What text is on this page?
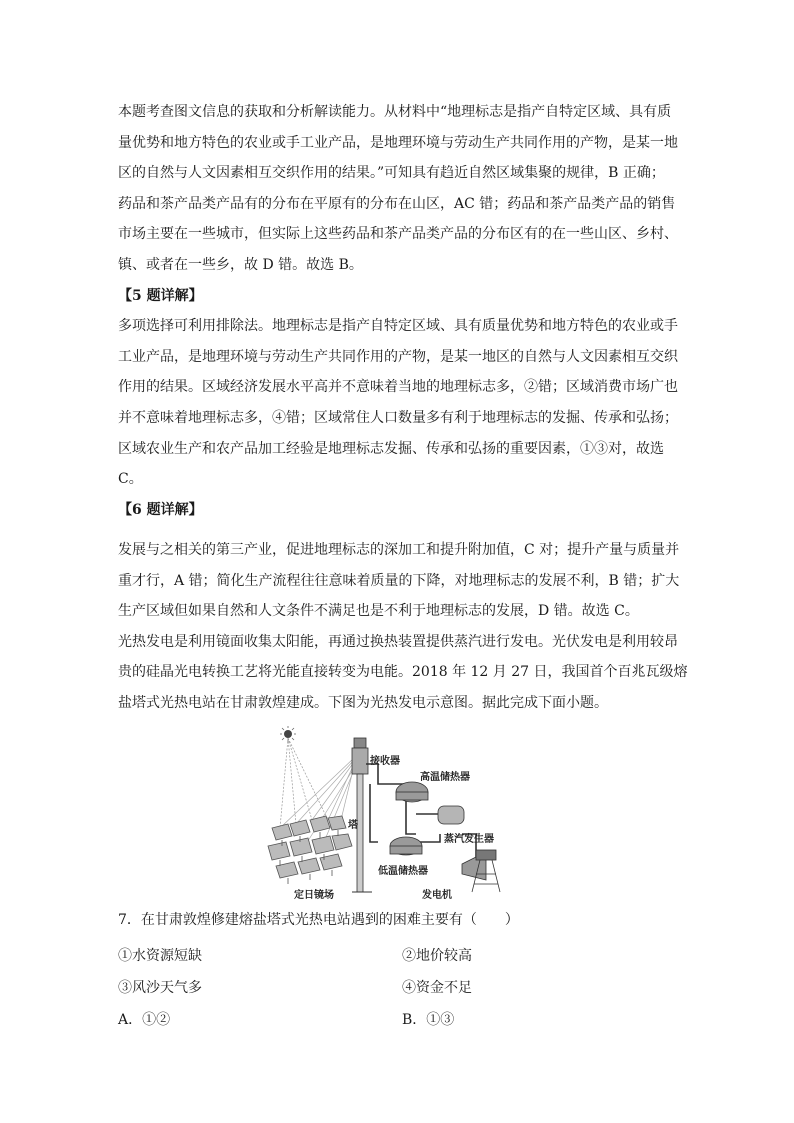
本题考查图文信息的获取和分析解读能力。从材料中“地理标志是指产自特定区域、具有质
量优势和地方特色的农业或手工业产品，是地理环境与劳动生产共同作用的产物，是某一地
区的自然与人文因素相互交织作用的结果。”可知具有趋近自然区域集聚的规律，B 正确；
药品和茶产品类产品有的分布在平原有的分布在山区，AC 错；药品和茶产品类产品的销售
市场主要在一些城市，但实际上这些药品和茶产品类产品的分布区有的在一些山区、乡村、
镇、或者在一些乡，故 D 错。故选 B。
【5 题详解】
多项选择可利用排除法。地理标志是指产自特定区域、具有质量优势和地方特色的农业或手
工业产品，是地理环境与劳动生产共同作用的产物，是某一地区的自然与人文因素相互交织
作用的结果。区域经济发展水平高并不意味着当地的地理标志多，②错；区域消费市场广也
并不意味着地理标志多，④错；区域常住人口数量多有利于地理标志的发掘、传承和弘扬；
区域农业生产和农产品加工经验是地理标志发掘、传承和弘扬的重要因素，①③对，故选
C。
【6 题详解】
发展与之相关的第三产业，促进地理标志的深加工和提升附加值，C 对；提升产量与质量并
重才行，A 错；简化生产流程往往意味着质量的下降，对地理标志的发展不利，B 错；扩大
生产区域但如果自然和人文条件不满足也是不利于地理标志的发展，D 错。故选 C。
光热发电是利用镜面收集太阳能，再通过换热装置提供蒸汽进行发电。光伏发电是利用较昂
贵的硅晶光电转换工艺将光能直接转变为电能。2018 年 12 月 27 日，我国首个百兆瓦级熔
盐塔式光热电站在甘肃敦煌建成。下图为光热发电示意图。据此完成下面小题。
接收器
高温储热器
塔
蒸汽发生器
低温储热器
定日镜场	发电机
7．在甘肃敦煌修建熔盐塔式光热电站遇到的困难主要有（　　）
①水资源短缺	②地价较高
③风沙天气多	④资金不足
A．①②	B．①③
